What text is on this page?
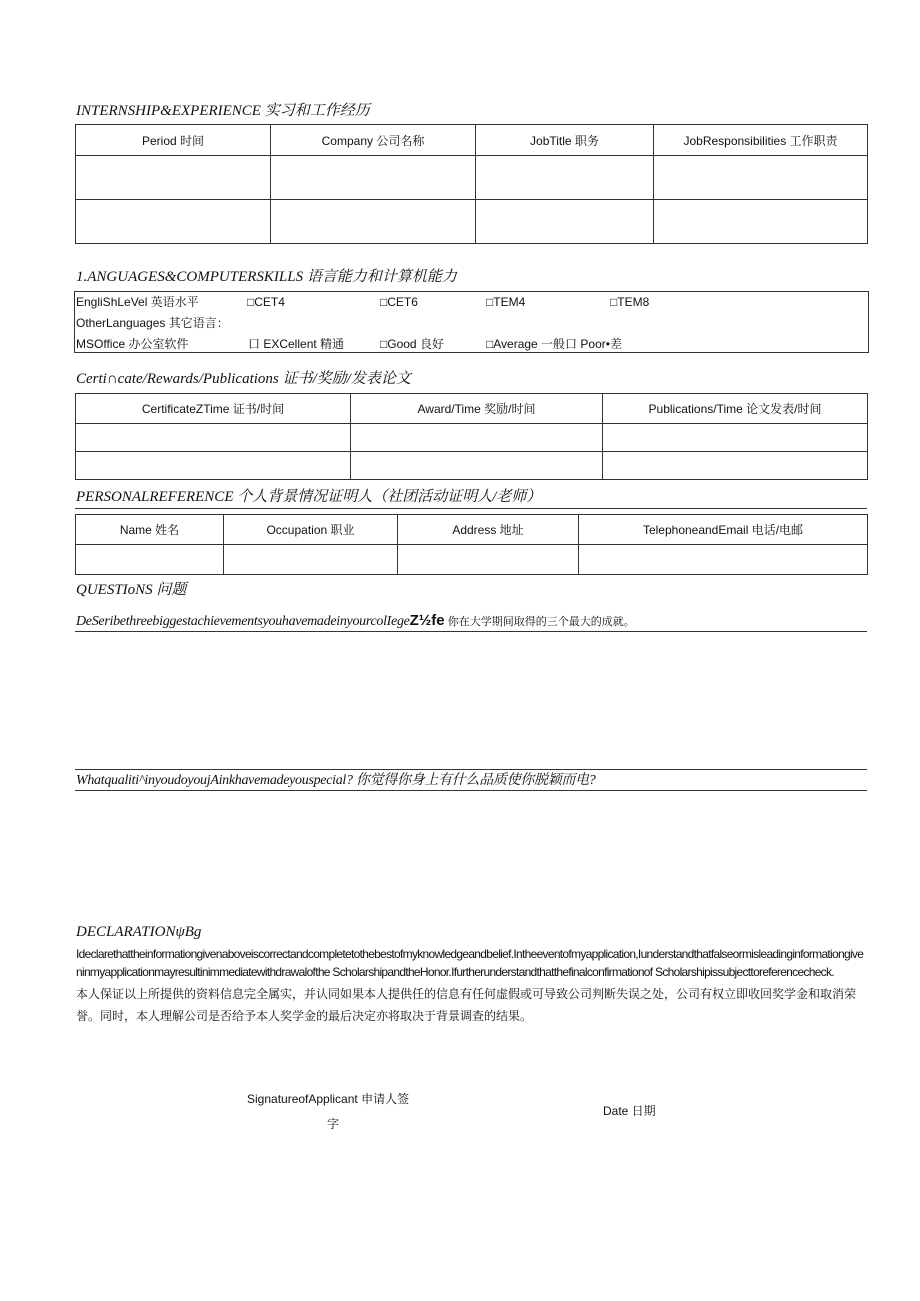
INTERNSHIP&EXPERIENCE 实习和工作经历
Period 时间	Company 公司名称	JobTitle 职务	JobResponsibilities 工作职责

1.ANGUAGES&COMPUTERSKILLS 语言能力和计算机能力
EngliShLeVel 英语水平	□CET4	□CET6	□TEM4	□TEM8
OtherLanguages 其它语言：
MSOffice 办公室软件	口 EXCellent 精通	□Good 良好	□Average 一般口 Poor•差
Certi∩cate/Rewards/Publications 证书/奖励/发表论文
CertificateZTime 证书/时间	Award/Time 奖励/时间	Publications/Time 论文发表/时间

PERSONALREFERENCE 个人背景情况证明人（社团活动证明人/老师）
Name 姓名	Occupation 职业	Address 地址	TelephoneandEmail 电话/电邮

QUESTIoNS 问题
DeSeribethreebiggestachievementsyouhavemadeinyourcolIegeZ½fe 你在大学期间取得的三个最大的成就。
Whatqualiti^inyoudoyoujAinkhavemadeyouspecial? 你觉得你身上有什么品质使你脱颖而电?
DECLARATIONψBg
Ideclarethattheinformationgivenaboveiscorrectandcompletetothebestofmyknowledgeandbelief.Intheeventofmyapplication,Iunderstandthatfalseormisleadinginformationgiveninmyapplicationmayresultinimmediatewithdrawalofthe ScholarshipandtheHonor.Ifurtherunderstandthatthefinalconfirmationof Scholarshipissubjecttoreferencecheck.
本人保证以上所提供的资料信息完全属实，并认同如果本人提供任的信息有任何虚假或可导致公司判断失误之处，公司有权立即收回奖学金和取消荣誉。同时，本人理解公司是否给予本人奖学金的最后决定亦将取决于背景调查的结果。
SignatureofApplicant 申请人签
字
Date 日期
